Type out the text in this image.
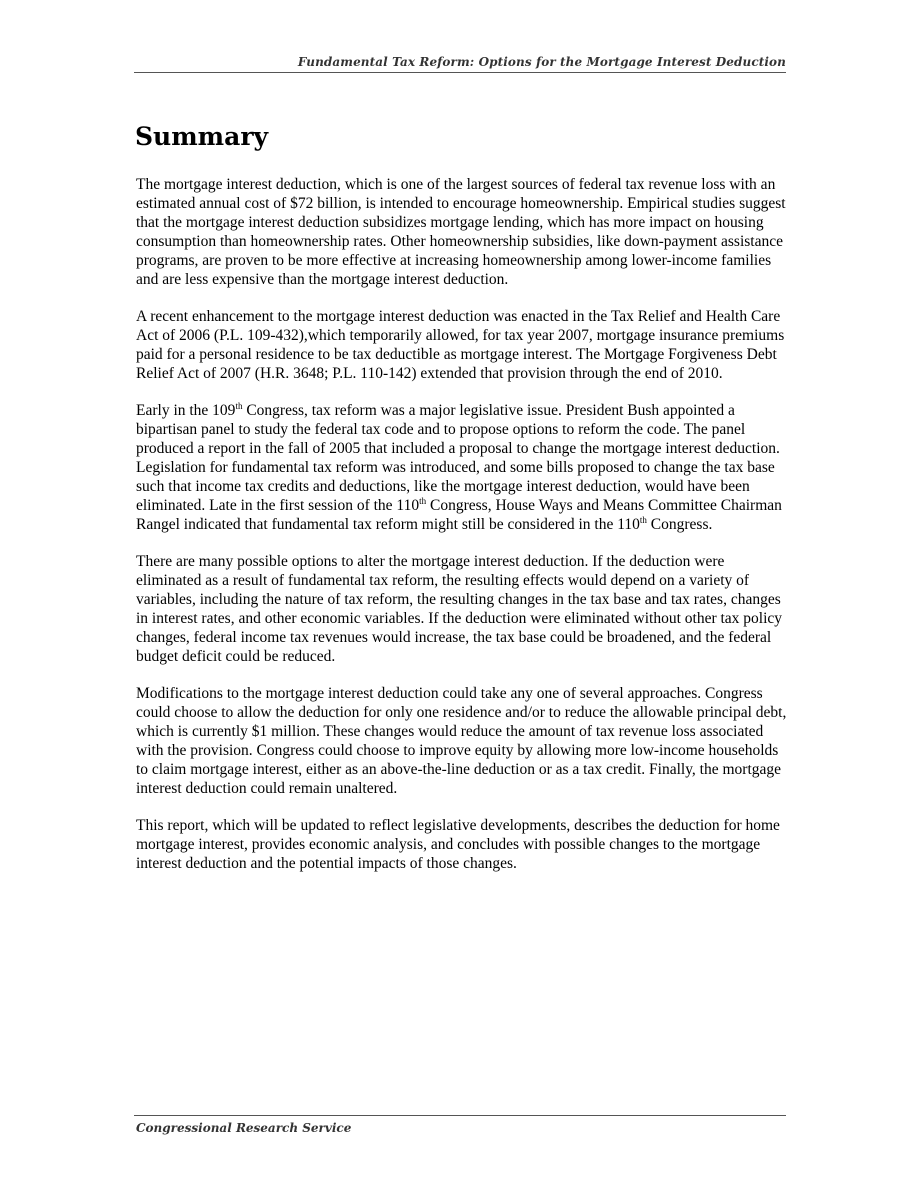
Fundamental Tax Reform: Options for the Mortgage Interest Deduction
Summary

The mortgage interest deduction, which is one of the largest sources of federal tax revenue loss with an estimated annual cost of $72 billion, is intended to encourage homeownership. Empirical studies suggest that the mortgage interest deduction subsidizes mortgage lending, which has more impact on housing consumption than homeownership rates. Other homeownership subsidies, like down-payment assistance programs, are proven to be more effective at increasing homeownership among lower-income families and are less expensive than the mortgage interest deduction.

A recent enhancement to the mortgage interest deduction was enacted in the Tax Relief and Health Care Act of 2006 (P.L. 109-432),which temporarily allowed, for tax year 2007, mortgage insurance premiums paid for a personal residence to be tax deductible as mortgage interest. The Mortgage Forgiveness Debt Relief Act of 2007 (H.R. 3648; P.L. 110-142) extended that provision through the end of 2010.

Early in the 109th Congress, tax reform was a major legislative issue. President Bush appointed a bipartisan panel to study the federal tax code and to propose options to reform the code. The panel produced a report in the fall of 2005 that included a proposal to change the mortgage interest deduction. Legislation for fundamental tax reform was introduced, and some bills proposed to change the tax base such that income tax credits and deductions, like the mortgage interest deduction, would have been eliminated. Late in the first session of the 110th Congress, House Ways and Means Committee Chairman Rangel indicated that fundamental tax reform might still be considered in the 110th Congress.

There are many possible options to alter the mortgage interest deduction. If the deduction were eliminated as a result of fundamental tax reform, the resulting effects would depend on a variety of variables, including the nature of tax reform, the resulting changes in the tax base and tax rates, changes in interest rates, and other economic variables. If the deduction were eliminated without other tax policy changes, federal income tax revenues would increase, the tax base could be broadened, and the federal budget deficit could be reduced.

Modifications to the mortgage interest deduction could take any one of several approaches. Congress could choose to allow the deduction for only one residence and/or to reduce the allowable principal debt, which is currently $1 million. These changes would reduce the amount of tax revenue loss associated with the provision. Congress could choose to improve equity by allowing more low-income households to claim mortgage interest, either as an above-the-line deduction or as a tax credit. Finally, the mortgage interest deduction could remain unaltered.

This report, which will be updated to reflect legislative developments, describes the deduction for home mortgage interest, provides economic analysis, and concludes with possible changes to the mortgage interest deduction and the potential impacts of those changes.

Congressional Research Service
